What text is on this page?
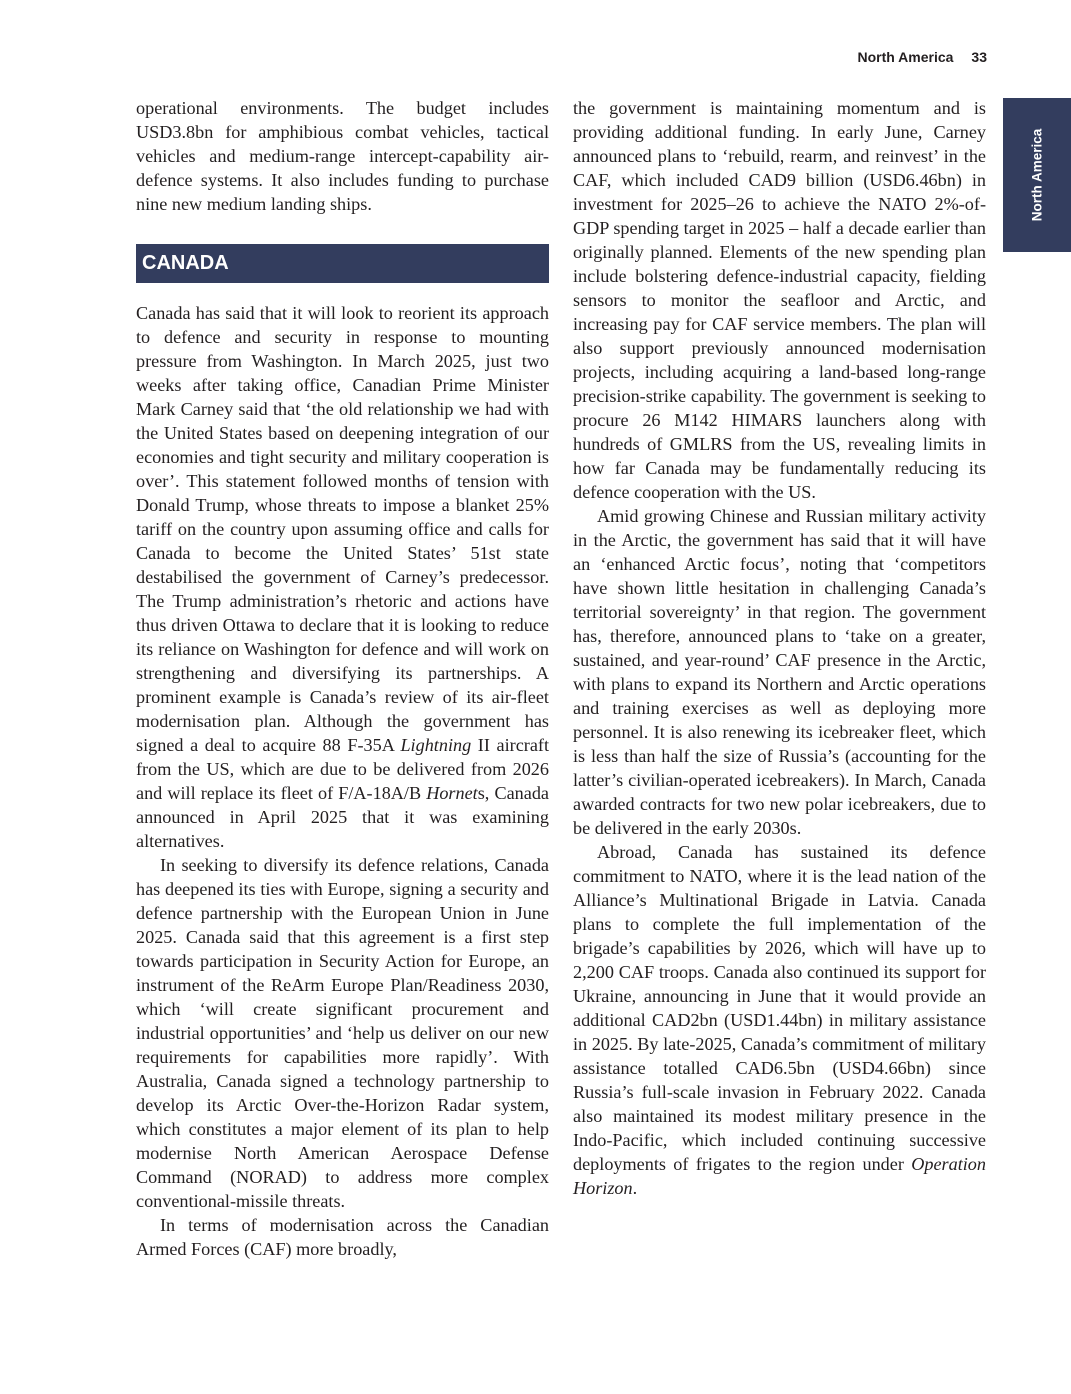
North America 33
North America

operational environments. The budget includes USD3.8bn for amphibious combat vehicles, tactical vehicles and medium-range intercept-capability air-defence systems. It also includes funding to purchase nine new medium landing ships.

CANADA

Canada has said that it will look to reorient its approach to defence and security in response to mounting pressure from Washington. In March 2025, just two weeks after taking office, Canadian Prime Minister Mark Carney said that ‘the old relationship we had with the United States based on deepening integration of our economies and tight security and military cooperation is over’. This statement followed months of tension with Donald Trump, whose threats to impose a blanket 25% tariff on the country upon assuming office and calls for Canada to become the United States’ 51st state destabilised the government of Carney’s predecessor. The Trump administration’s rhetoric and actions have thus driven Ottawa to declare that it is looking to reduce its reliance on Washington for defence and will work on strengthening and diversifying its partnerships. A prominent example is Canada’s review of its air-fleet modernisation plan. Although the government has signed a deal to acquire 88 F-35A Lightning II aircraft from the US, which are due to be delivered from 2026 and will replace its fleet of F/A-18A/B Hornets, Canada announced in April 2025 that it was examining alternatives.

In seeking to diversify its defence relations, Canada has deepened its ties with Europe, signing a security and defence partnership with the European Union in June 2025. Canada said that this agreement is a first step towards participation in Security Action for Europe, an instrument of the ReArm Europe Plan/Readiness 2030, which ‘will create significant procurement and industrial opportunities’ and ‘help us deliver on our new requirements for capabilities more rapidly’. With Australia, Canada signed a technology partnership to develop its Arctic Over-the-Horizon Radar system, which constitutes a major element of its plan to help modernise North American Aerospace Defense Command (NORAD) to address more complex conventional-missile threats.

In terms of modernisation across the Canadian Armed Forces (CAF) more broadly,

the government is maintaining momentum and is providing additional funding. In early June, Carney announced plans to ‘rebuild, rearm, and reinvest’ in the CAF, which included CAD9 billion (USD6.46bn) in investment for 2025–26 to achieve the NATO 2%-of-GDP spending target in 2025 – half a decade earlier than originally planned. Elements of the new spending plan include bolstering defence-industrial capacity, fielding sensors to monitor the seafloor and Arctic, and increasing pay for CAF service members. The plan will also support previously announced modernisation projects, including acquiring a land-based long-range precision-strike capability. The government is seeking to procure 26 M142 HIMARS launchers along with hundreds of GMLRS from the US, revealing limits in how far Canada may be fundamentally reducing its defence cooperation with the US.

Amid growing Chinese and Russian military activity in the Arctic, the government has said that it will have an ‘enhanced Arctic focus’, noting that ‘competitors have shown little hesitation in challenging Canada’s territorial sovereignty’ in that region. The government has, therefore, announced plans to ‘take on a greater, sustained, and year-round’ CAF presence in the Arctic, with plans to expand its Northern and Arctic operations and training exercises as well as deploying more personnel. It is also renewing its icebreaker fleet, which is less than half the size of Russia’s (accounting for the latter’s civilian-operated icebreakers). In March, Canada awarded contracts for two new polar icebreakers, due to be delivered in the early 2030s.

Abroad, Canada has sustained its defence commitment to NATO, where it is the lead nation of the Alliance’s Multinational Brigade in Latvia. Canada plans to complete the full implementation of the brigade’s capabilities by 2026, which will have up to 2,200 CAF troops. Canada also continued its support for Ukraine, announcing in June that it would provide an additional CAD2bn (USD1.44bn) in military assistance in 2025. By late-2025, Canada’s commitment of military assistance totalled CAD6.5bn (USD4.66bn) since Russia’s full-scale invasion in February 2022. Canada also maintained its modest military presence in the Indo-Pacific, which included continuing successive deployments of frigates to the region under Operation Horizon.
